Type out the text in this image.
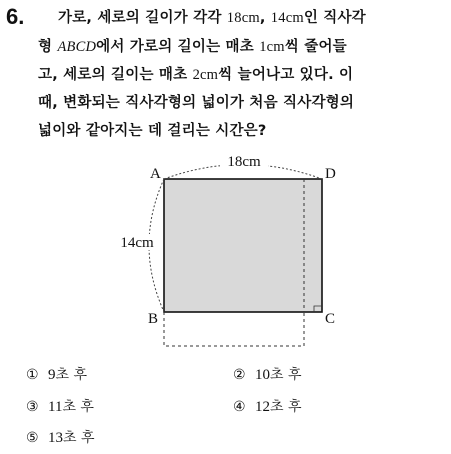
6. 가로, 세로의 길이가 각각 18cm, 14cm인 직사각
형 ABCD에서 가로의 길이는 매초 1cm씩 줄어들
고, 세로의 길이는 매초 2cm씩 늘어나고 있다. 이
때, 변화되는 직사각형의 넓이가 처음 직사각형의
넓이와 같아지는 데 걸리는 시간은?
18cm
14cm
A
B	C
D
① 9초 후	② 10초 후
③ 11초 후	④ 12초 후
⑤ 13초 후
